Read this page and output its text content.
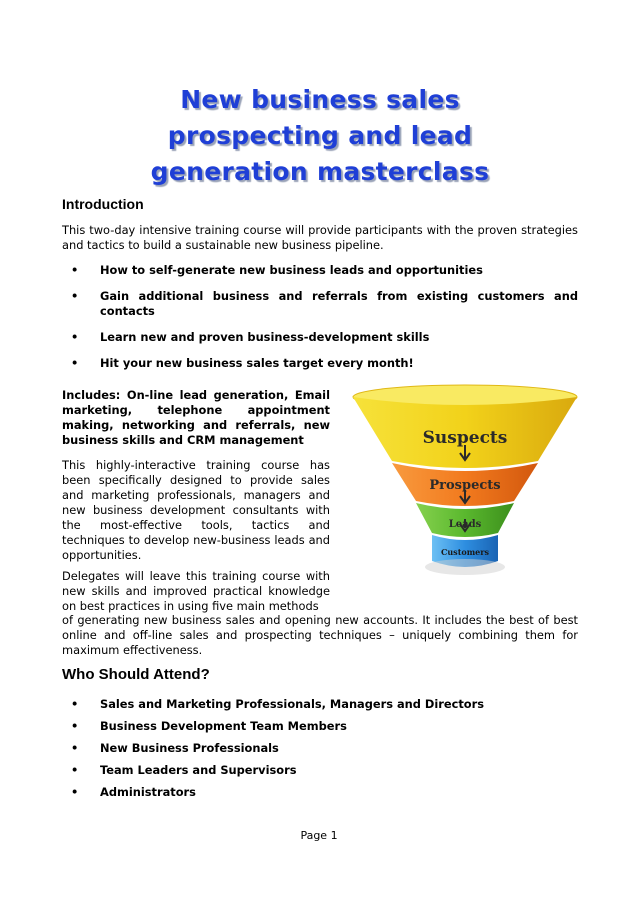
New business sales
prospecting and lead
generation masterclass
Introduction
This two-day intensive training course will provide participants with the proven strategies and tactics to build a sustainable new business pipeline.
• How to self-generate new business leads and opportunities
• Gain additional business and referrals from existing customers and contacts
• Learn new and proven business-development skills
• Hit your new business sales target every month!
Includes: On-line lead generation, Email marketing, telephone appointment making, networking and referrals, new business skills and CRM management
This highly-interactive training course has been specifically designed to provide sales and marketing professionals, managers and new business development consultants with the most-effective tools, tactics and techniques to develop new-business leads and opportunities.
Delegates will leave this training course with new skills and improved practical knowledge on best practices in using five main methods
of generating new business sales and opening new accounts. It includes the best of best online and off-line sales and prospecting techniques – uniquely combining them for maximum effectiveness.
Suspects
Prospects
Leads
Customers
Who Should Attend?
• Sales and Marketing Professionals, Managers and Directors
• Business Development Team Members
• New Business Professionals
• Team Leaders and Supervisors
• Administrators
Page 1
